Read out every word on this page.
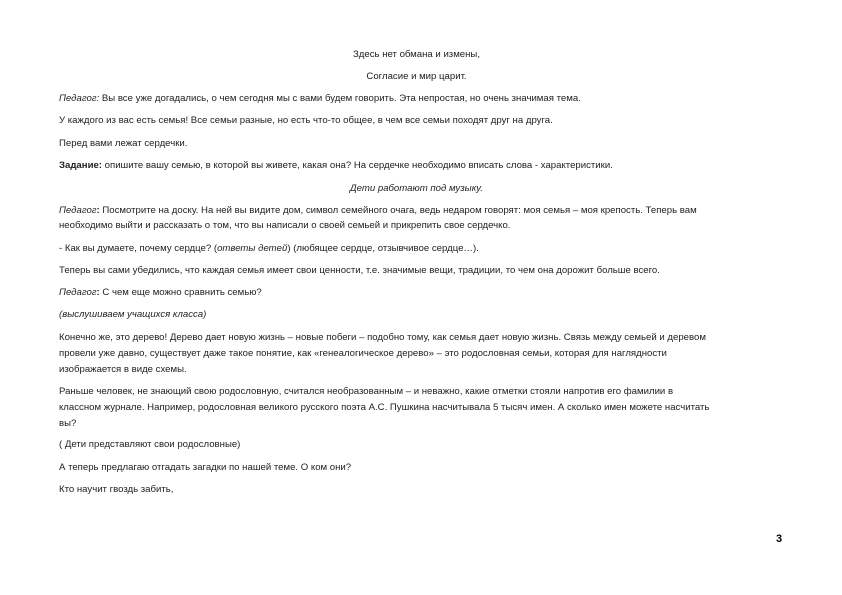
Здесь нет обмана и измены,
Согласие и мир царит.
Педагог: Вы все уже догадались, о чем сегодня мы с вами будем говорить. Эта непростая, но очень значимая тема.
У каждого из вас есть семья! Все семьи разные, но есть что-то общее, в чем все семьи походят друг на друга.
Перед вами лежат сердечки.
Задание: опишите вашу семью, в которой вы живете, какая она? На сердечке необходимо вписать слова - характеристики.
Дети работают под музыку.
Педагог: Посмотрите на доску. На ней вы видите дом, символ семейного очага, ведь недаром говорят: моя семья – моя крепость. Теперь вам
необходимо выйти и рассказать о том, что вы написали о своей семьей и прикрепить свое сердечко.
- Как вы думаете, почему сердце? (ответы детей) (любящее сердце, отзывчивое сердце…).
Теперь вы сами убедились, что каждая семья имеет свои ценности, т.е. значимые вещи, традиции, то чем она дорожит больше всего.
Педагог: С чем еще можно сравнить семью?
(выслушиваем учащихся класса)
Конечно же, это дерево! Дерево дает новую жизнь – новые побеги – подобно тому, как семья дает новую жизнь. Связь между семьей и деревом
провели уже давно, существует даже такое понятие, как «генеалогическое дерево» – это родословная семьи, которая для наглядности
изображается в виде схемы.
Раньше человек, не знающий свою родословную, считался необразованным – и неважно, какие отметки стояли напротив его фамилии в
классном журнале. Например, родословная великого русского поэта А.С. Пушкина насчитывала 5 тысяч имен. А сколько имен можете насчитать
вы?
( Дети представляют свои родословные)
А теперь предлагаю отгадать загадки по нашей теме. О ком они?
Кто научит гвоздь забить,
3
